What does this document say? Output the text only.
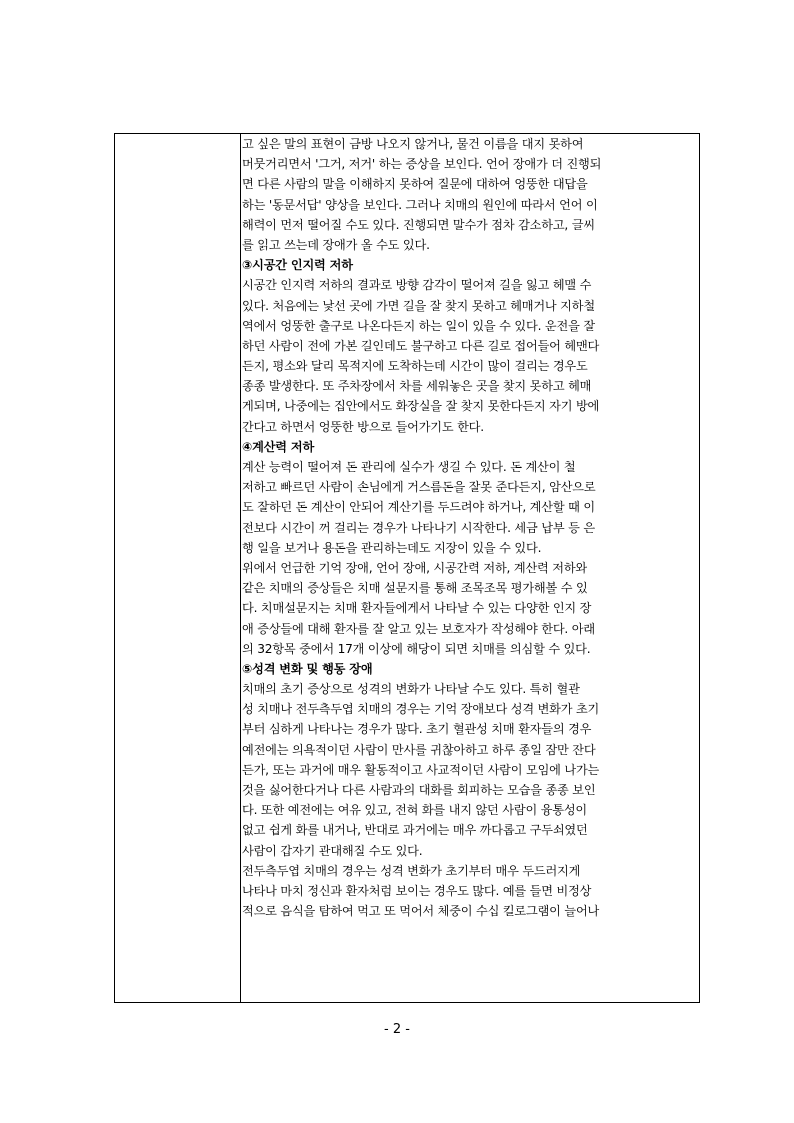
고 싶은 말의 표현이 금방 나오지 않거나, 물건 이름을 대지 못하여
머뭇거리면서 '그거, 저거' 하는 증상을 보인다. 언어 장애가 더 진행되
면 다른 사람의 말을 이해하지 못하여 질문에 대하여 엉뚱한 대답을
하는 '동문서답' 양상을 보인다. 그러나 치매의 원인에 따라서 언어 이
해력이 먼저 떨어질 수도 있다. 진행되면 말수가 점차 감소하고, 글씨
를 읽고 쓰는데 장애가 올 수도 있다.
③시공간 인지력 저하
시공간 인지력 저하의 결과로 방향 감각이 떨어져 길을 잃고 헤맬 수
있다. 처음에는 낯선 곳에 가면 길을 잘 찾지 못하고 헤매거나 지하철
역에서 엉뚱한 출구로 나온다든지 하는 일이 있을 수 있다. 운전을 잘
하던 사람이 전에 가본 길인데도 불구하고 다른 길로 접어들어 헤맨다
든지, 평소와 달리 목적지에 도착하는데 시간이 많이 걸리는 경우도
종종 발생한다. 또 주차장에서 차를 세워놓은 곳을 찾지 못하고 헤매
게되며, 나중에는 집안에서도 화장실을 잘 찾지 못한다든지 자기 방에
간다고 하면서 엉뚱한 방으로 들어가기도 한다.
④계산력 저하
계산 능력이 떨어져 돈 관리에 실수가 생길 수 있다. 돈 계산이 철
저하고 빠르던 사람이 손님에게 거스름돈을 잘못 준다든지, 암산으로
도 잘하던 돈 계산이 안되어 계산기를 두드려야 하거나, 계산할 때 이
전보다 시간이 꺼 걸리는 경우가 나타나기 시작한다. 세금 납부 등 은
행 일을 보거나 용돈을 관리하는데도 지장이 있을 수 있다.
위에서 언급한 기억 장애, 언어 장애, 시공간력 저하, 계산력 저하와
같은 치매의 증상들은 치매 설문지를 통해 조목조목 평가해볼 수 있
다. 치매설문지는 치매 환자들에게서 나타날 수 있는 다양한 인지 장
애 증상들에 대해 환자를 잘 알고 있는 보호자가 작성해야 한다. 아래
의 32항목 중에서 17개 이상에 해당이 되면 치매를 의심할 수 있다.
⑤성격 변화 및 행동 장애
치매의 초기 증상으로 성격의 변화가 나타날 수도 있다. 특히 혈관
성 치매나 전두측두엽 치매의 경우는 기억 장애보다 성격 변화가 초기
부터 심하게 나타나는 경우가 많다. 초기 혈관성 치매 환자들의 경우
예전에는 의욕적이던 사람이 만사를 귀찮아하고 하루 종일 잠만 잔다
든가, 또는 과거에 매우 활동적이고 사교적이던 사람이 모임에 나가는
것을 싫어한다거나 다른 사람과의 대화를 회피하는 모습을 종종 보인
다. 또한 예전에는 여유 있고, 전혀 화를 내지 않던 사람이 융통성이
없고 쉽게 화를 내거나, 반대로 과거에는 매우 까다롭고 구두쇠였던
사람이 갑자기 관대해질 수도 있다.
전두측두엽 치매의 경우는 성격 변화가 초기부터 매우 두드러지게
나타나 마치 정신과 환자처럼 보이는 경우도 많다. 예를 들면 비정상
적으로 음식을 탐하여 먹고 또 먹어서 체중이 수십 킬로그램이 늘어나
- 2 -
